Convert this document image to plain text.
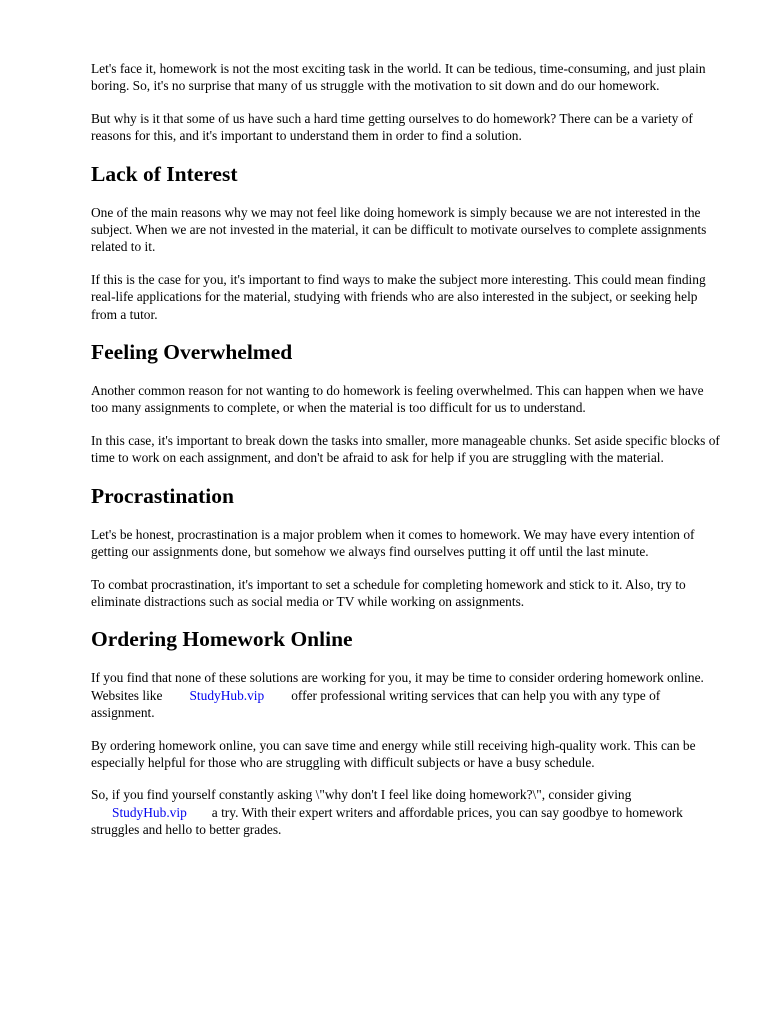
Let's face it, homework is not the most exciting task in the world. It can be tedious, time-consuming, and just plain boring. So, it's no surprise that many of us struggle with the motivation to sit down and do our homework.

But why is it that some of us have such a hard time getting ourselves to do homework? There can be a variety of reasons for this, and it's important to understand them in order to find a solution.

Lack of Interest

One of the main reasons why we may not feel like doing homework is simply because we are not interested in the subject. When we are not invested in the material, it can be difficult to motivate ourselves to complete assignments related to it.

If this is the case for you, it's important to find ways to make the subject more interesting. This could mean finding real-life applications for the material, studying with friends who are also interested in the subject, or seeking help from a tutor.

Feeling Overwhelmed

Another common reason for not wanting to do homework is feeling overwhelmed. This can happen when we have too many assignments to complete, or when the material is too difficult for us to understand.

In this case, it's important to break down the tasks into smaller, more manageable chunks. Set aside specific blocks of time to work on each assignment, and don't be afraid to ask for help if you are struggling with the material.

Procrastination

Let's be honest, procrastination is a major problem when it comes to homework. We may have every intention of getting our assignments done, but somehow we always find ourselves putting it off until the last minute.

To combat procrastination, it's important to set a schedule for completing homework and stick to it. Also, try to eliminate distractions such as social media or TV while working on assignments.

Ordering Homework Online

If you find that none of these solutions are working for you, it may be time to consider ordering homework online. Websites like StudyHub.vip offer professional writing services that can help you with any type of assignment.

By ordering homework online, you can save time and energy while still receiving high-quality work. This can be especially helpful for those who are struggling with difficult subjects or have a busy schedule.

So, if you find yourself constantly asking \"why don't I feel like doing homework?\", consider giving
StudyHub.vip a try. With their expert writers and affordable prices, you can say goodbye to homework struggles and hello to better grades.
